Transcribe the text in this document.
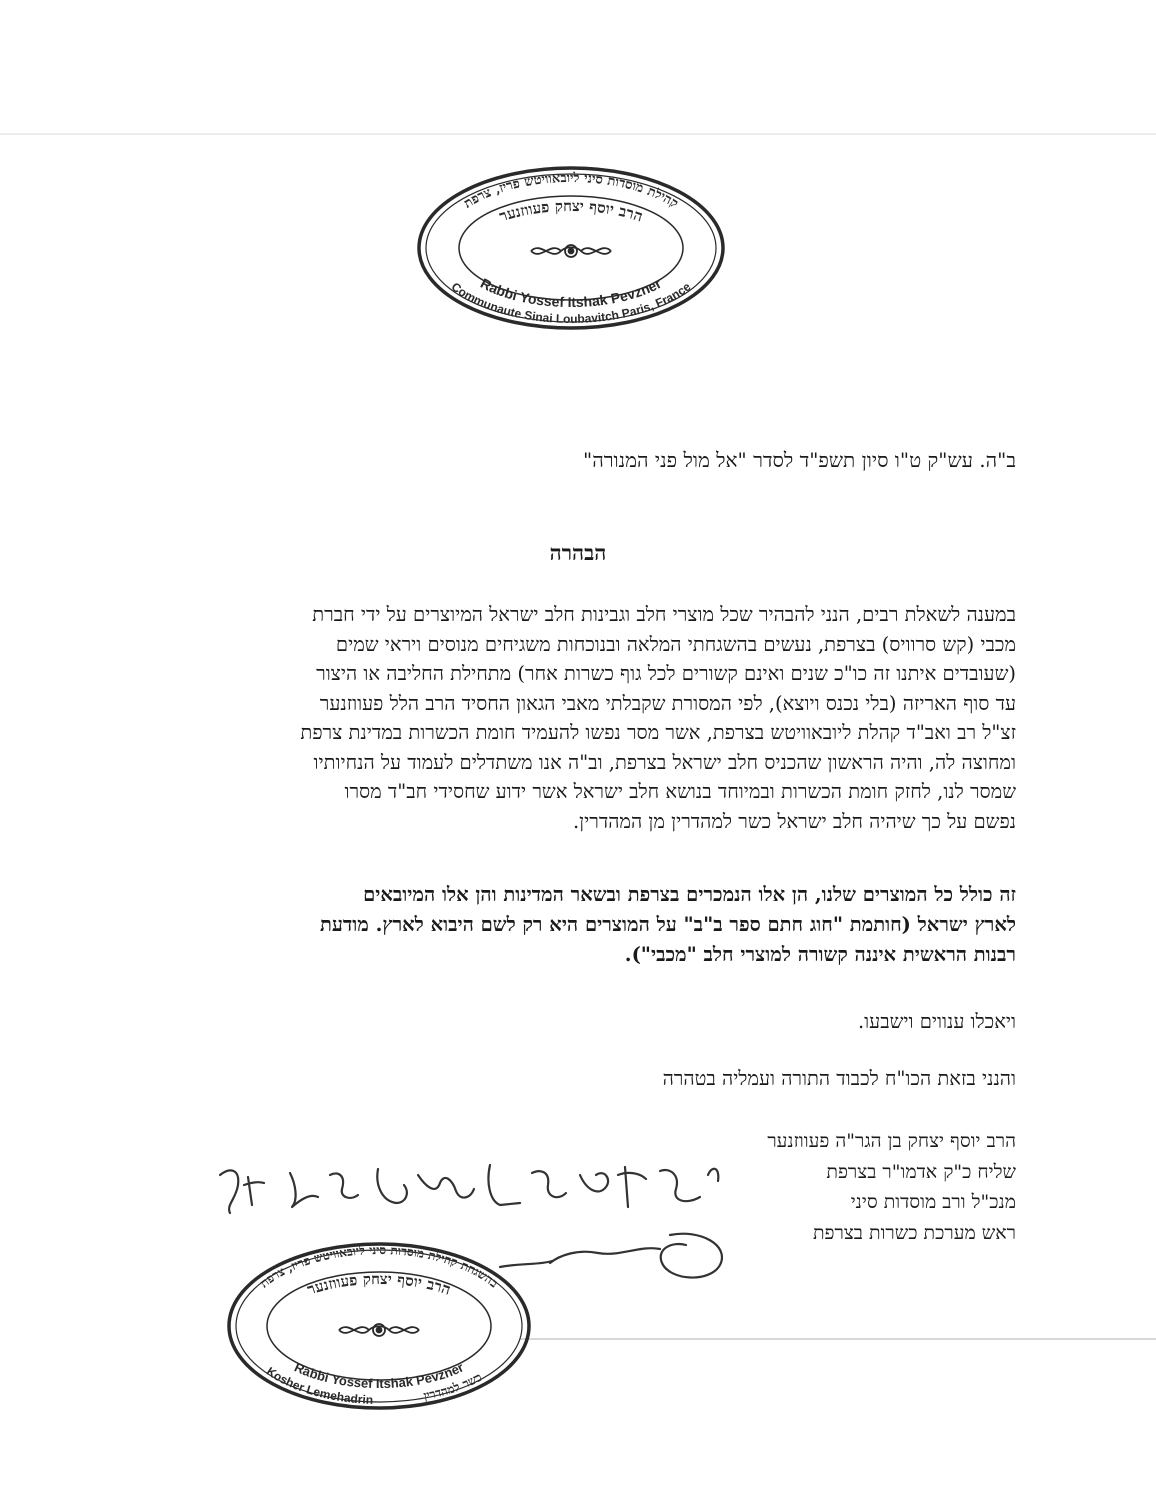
קהילת מוסדות סיני ליובאוויטש פריז, צרפת
הרב יוסף יצחק פעווזנער
Rabbi Yossef Itshak Pevzner
Communaute Sinai Loubavitch Paris, France
ב"ה. עש"ק ט"ו סיון תשפ"ד לסדר "אל מול פני המנורה"
הבהרה
במענה לשאלת רבים, הנני להבהיר שכל מוצרי חלב וגבינות חלב ישראל המיוצרים על ידי חברת
מכבי (קש סרוויס) בצרפת, נעשים בהשגחתי המלאה ובנוכחות משגיחים מנוסים ויראי שמים
(שעובדים איתנו זה כו"כ שנים ואינם קשורים לכל גוף כשרות אחר) מתחילת החליבה או היצור
עד סוף האריזה (בלי נכנס ויוצא), לפי המסורת שקבלתי מאבי הגאון החסיד הרב הלל פעווזנער
זצ"ל רב ואב"ד קהלת ליובאוויטש בצרפת, אשר מסר נפשו להעמיד חומת הכשרות במדינת צרפת
ומחוצה לה, והיה הראשון שהכניס חלב ישראל בצרפת, וב"ה אנו משתדלים לעמוד על הנחיותיו
שמסר לנו, לחזק חומת הכשרות ובמיוחד בנושא חלב ישראל אשר ידוע שחסידי חב"ד מסרו
נפשם על כך שיהיה חלב ישראל כשר למהדרין מן המהדרין.
זה כולל כל המוצרים שלנו, הן אלו הנמכרים בצרפת ובשאר המדינות והן אלו המיובאים
לארץ ישראל (חותמת "חוג חתם ספר ב"ב" על המוצרים היא רק לשם היבוא לארץ. מודעת
רבנות הראשית איננה קשורה למוצרי חלב "מכבי").
ויאכלו ענווים וישבעו.
והנני בזאת הכו"ח לכבוד התורה ועמליה בטהרה
הרב יוסף יצחק בן הגר"ה פעווזנער
שליח כ"ק אדמו"ר בצרפת
מנכ"ל ורב מוסדות סיני
ראש מערכת כשרות בצרפת
בהשגחת קהילת מוסדות סיני ליובאוויטש פריז, צרפת
הרב יוסף יצחק פעווזנער
Rabbi Yossef Itshak Pevzner
Kosher Lemehadrin	כשר למהדרין
